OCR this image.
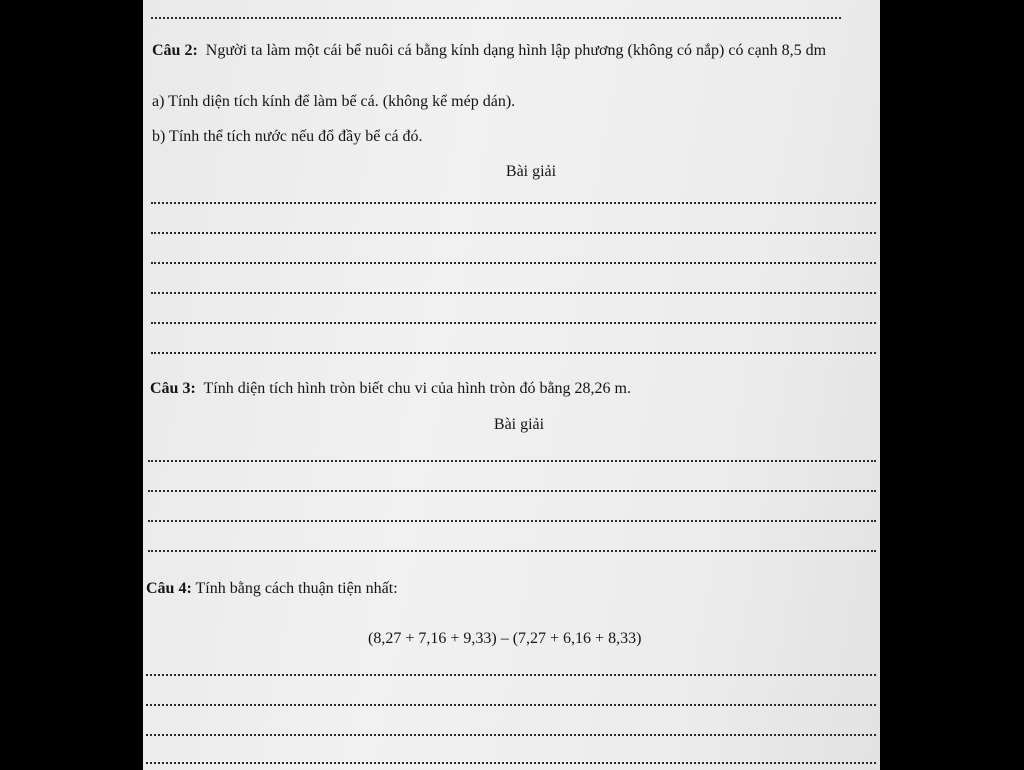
Câu 2: Người ta làm một cái bể nuôi cá bằng kính dạng hình lập phương (không có nắp) có cạnh 8,5 dm
a) Tính diện tích kính để làm bể cá. (không kể mép dán).
b) Tính thể tích nước nếu đổ đầy bể cá đó.
Bài giải
Câu 3: Tính diện tích hình tròn biết chu vi của hình tròn đó bằng 28,26 m.
Bài giải
Câu 4: Tính bằng cách thuận tiện nhất:
(8,27 + 7,16 + 9,33) – (7,27 + 6,16 + 8,33)
